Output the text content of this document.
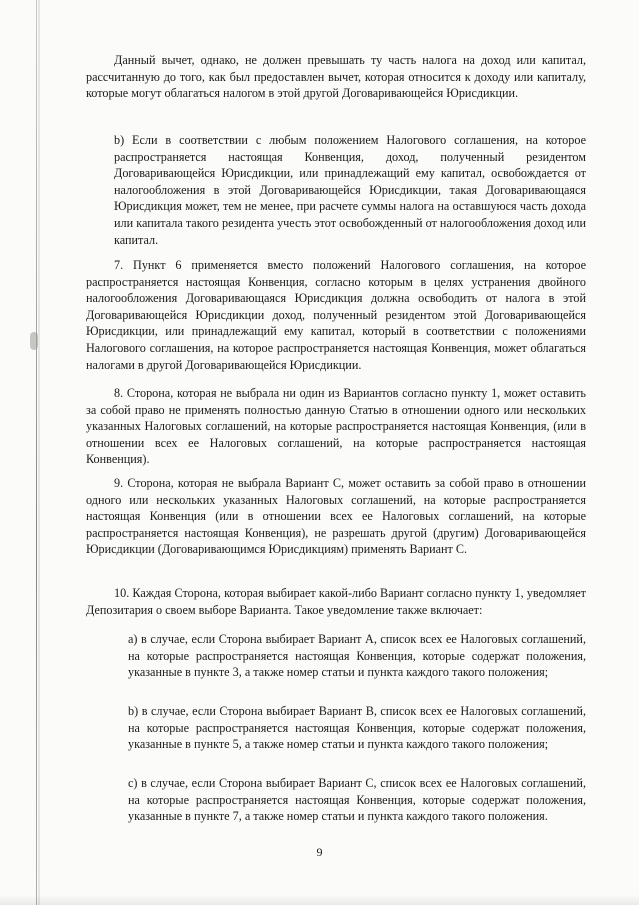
Данный вычет, однако, не должен превышать ту часть налога на доход или капитал, рассчитанную до того, как был предоставлен вычет, которая относится к доходу или капиталу, которые могут облагаться налогом в этой другой Договаривающейся Юрисдикции.

b) Если в соответствии с любым положением Налогового соглашения, на которое распространяется настоящая Конвенция, доход, полученный резидентом Договаривающейся Юрисдикции, или принадлежащий ему капитал, освобождается от налогообложения в этой Договаривающейся Юрисдикции, такая Договаривающаяся Юрисдикция может, тем не менее, при расчете суммы налога на оставшуюся часть дохода или капитала такого резидента учесть этот освобожденный от налогообложения доход или капитал.

7. Пункт 6 применяется вместо положений Налогового соглашения, на которое распространяется настоящая Конвенция, согласно которым в целях устранения двойного налогообложения Договаривающаяся Юрисдикция должна освободить от налога в этой Договаривающейся Юрисдикции доход, полученный резидентом этой Договаривающейся Юрисдикции, или принадлежащий ему капитал, который в соответствии с положениями Налогового соглашения, на которое распространяется настоящая Конвенция, может облагаться налогами в другой Договаривающейся Юрисдикции.

8. Сторона, которая не выбрала ни один из Вариантов согласно пункту 1, может оставить за собой право не применять полностью данную Статью в отношении одного или нескольких указанных Налоговых соглашений, на которые распространяется настоящая Конвенция, (или в отношении всех ее Налоговых соглашений, на которые распространяется настоящая Конвенция).

9. Сторона, которая не выбрала Вариант С, может оставить за собой право в отношении одного или нескольких указанных Налоговых соглашений, на которые распространяется настоящая Конвенция (или в отношении всех ее Налоговых соглашений, на которые распространяется настоящая Конвенция), не разрешать другой (другим) Договаривающейся Юрисдикции (Договаривающимся Юрисдикциям) применять Вариант С.

10. Каждая Сторона, которая выбирает какой-либо Вариант согласно пункту 1, уведомляет Депозитария о своем выборе Варианта. Такое уведомление также включает:

a) в случае, если Сторона выбирает Вариант А, список всех ее Налоговых соглашений, на которые распространяется настоящая Конвенция, которые содержат положения, указанные в пункте 3, а также номер статьи и пункта каждого такого положения;

b) в случае, если Сторона выбирает Вариант В, список всех ее Налоговых соглашений, на которые распространяется настоящая Конвенция, которые содержат положения, указанные в пункте 5, а также номер статьи и пункта каждого такого положения;

c) в случае, если Сторона выбирает Вариант С, список всех ее Налоговых соглашений, на которые распространяется настоящая Конвенция, которые содержат положения, указанные в пункте 7, а также номер статьи и пункта каждого такого положения.

9
